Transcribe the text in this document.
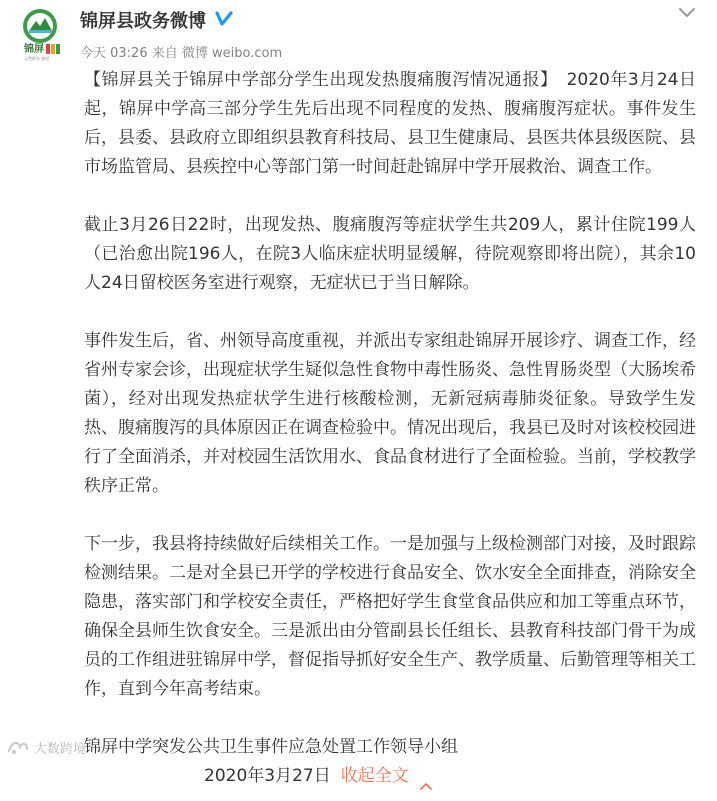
锦屏
天然黔东 锦屏
锦屏县政务微博
今天 03:26 来自 微博 weibo.com

【锦屏县关于锦屏中学部分学生出现发热腹痛腹泻情况通报】　2020年3月24日起，锦屏中学高三部分学生先后出现不同程度的发热、腹痛腹泻症状。事件发生后，县委、县政府立即组织县教育科技局、县卫生健康局、县医共体县级医院、县市场监管局、县疾控中心等部门第一时间赶赴锦屏中学开展救治、调查工作。

截止3月26日22时，出现发热、腹痛腹泻等症状学生共209人，累计住院199人（已治愈出院196人，在院3人临床症状明显缓解，待院观察即将出院），其余10人24日留校医务室进行观察，无症状已于当日解除。

事件发生后，省、州领导高度重视，并派出专家组赴锦屏开展诊疗、调查工作，经省州专家会诊，出现症状学生疑似急性食物中毒性肠炎、急性胃肠炎型（大肠埃希菌），经对出现发热症状学生进行核酸检测，无新冠病毒肺炎征象。导致学生发热、腹痛腹泻的具体原因正在调查检验中。情况出现后，我县已及时对该校校园进行了全面消杀，并对校园生活饮用水、食品食材进行了全面检验。当前，学校教学秩序正常。

下一步，我县将持续做好后续相关工作。一是加强与上级检测部门对接，及时跟踪检测结果。二是对全县已开学的学校进行食品安全、饮水安全全面排查，消除安全隐患，落实部门和学校安全责任，严格把好学生食堂食品供应和加工等重点环节，确保全县师生饮食安全。三是派出由分管副县长任组长、县教育科技部门骨干为成员的工作组进驻锦屏中学，督促指导抓好安全生产、教学质量、后勤管理等相关工作，直到今年高考结束。

锦屏中学突发公共卫生事件应急处置工作领导小组

2020年3月27日 收起全文
大数跨境
